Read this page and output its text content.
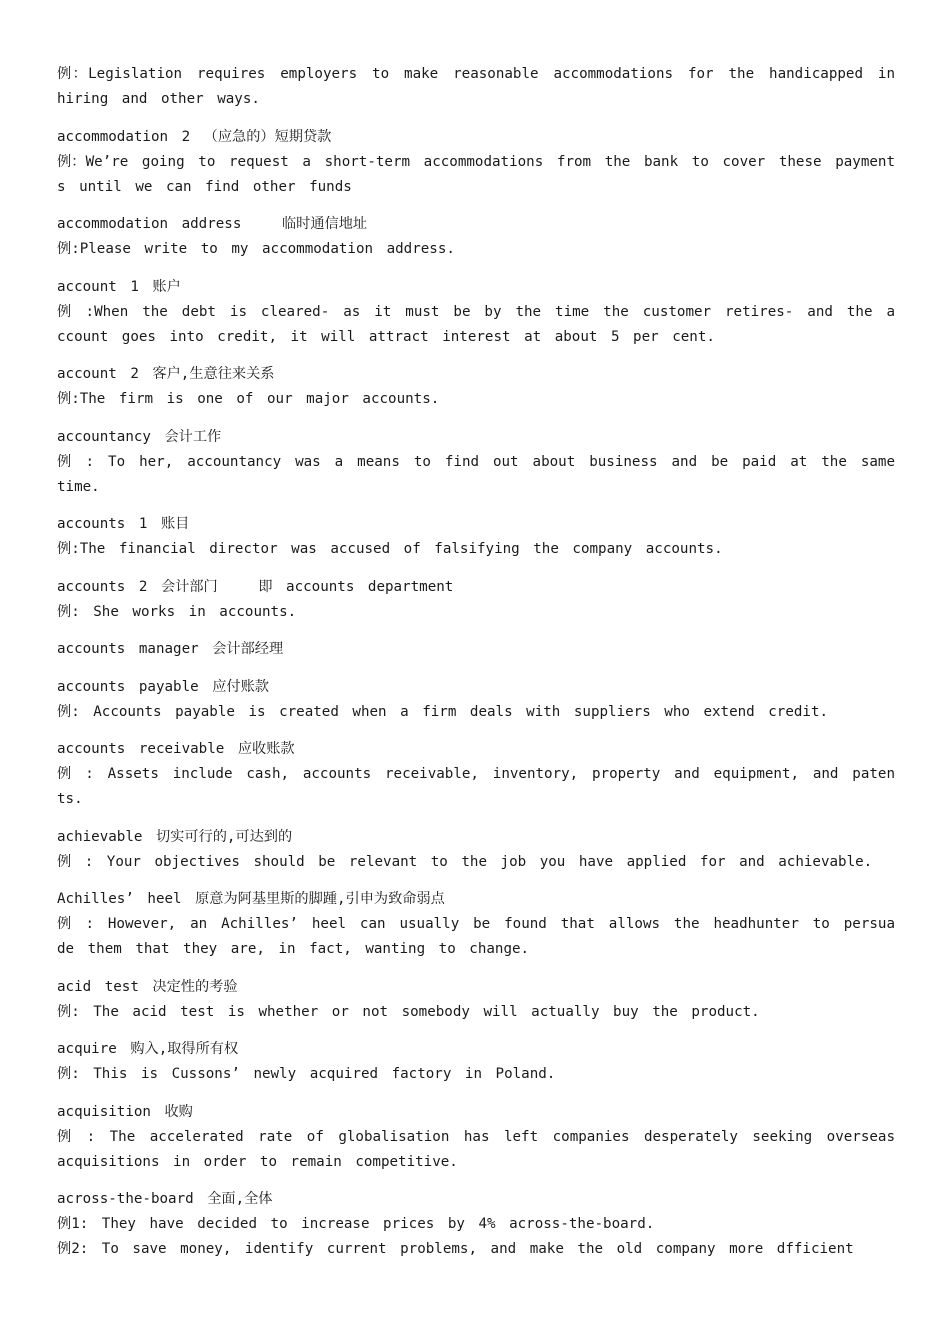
例：Legislation requires employers to make reasonable accommodations for the handicapped in hiring and other ways.
accommodation 2 （应急的）短期贷款
例：We’re going to request a short-term accommodations from the bank to cover these payments until we can find other funds
accommodation address   临时通信地址
例:Please write to my accommodation address.
account 1 账户
例 :When the debt is cleared- as it must be by the time the customer retires- and the account goes into credit, it will attract interest at about 5 per cent.
account 2 客户,生意往来关系
例:The firm is one of our major accounts.
accountancy 会计工作
例 : To her, accountancy was a means to find out about business and be paid at the same time.
accounts 1 账目
例:The financial director was accused of falsifying the company accounts.
accounts 2 会计部门   即 accounts department
例: She works in accounts.
accounts manager 会计部经理
accounts payable 应付账款
例: Accounts payable is created when a firm deals with suppliers who extend credit.
accounts receivable 应收账款
例 : Assets include cash, accounts receivable, inventory, property and equipment, and patents.
achievable 切实可行的,可达到的
例 : Your objectives should be relevant to the job you have applied for and achievable.
Achilles’ heel 原意为阿基里斯的脚踵,引申为致命弱点
例 : However, an Achilles’ heel can usually be found that allows the headhunter to persuade them that they are, in fact, wanting to change.
acid test 决定性的考验
例: The acid test is whether or not somebody will actually buy the product.
acquire 购入,取得所有权
例: This is Cussons’ newly acquired factory in Poland.
acquisition 收购
例 : The accelerated rate of globalisation has left companies desperately seeking overseas acquisitions in order to remain competitive.
across-the-board 全面,全体
例1: They have decided to increase prices by 4% across-the-board.
例2: To save money, identify current problems, and make the old company more dfficient
